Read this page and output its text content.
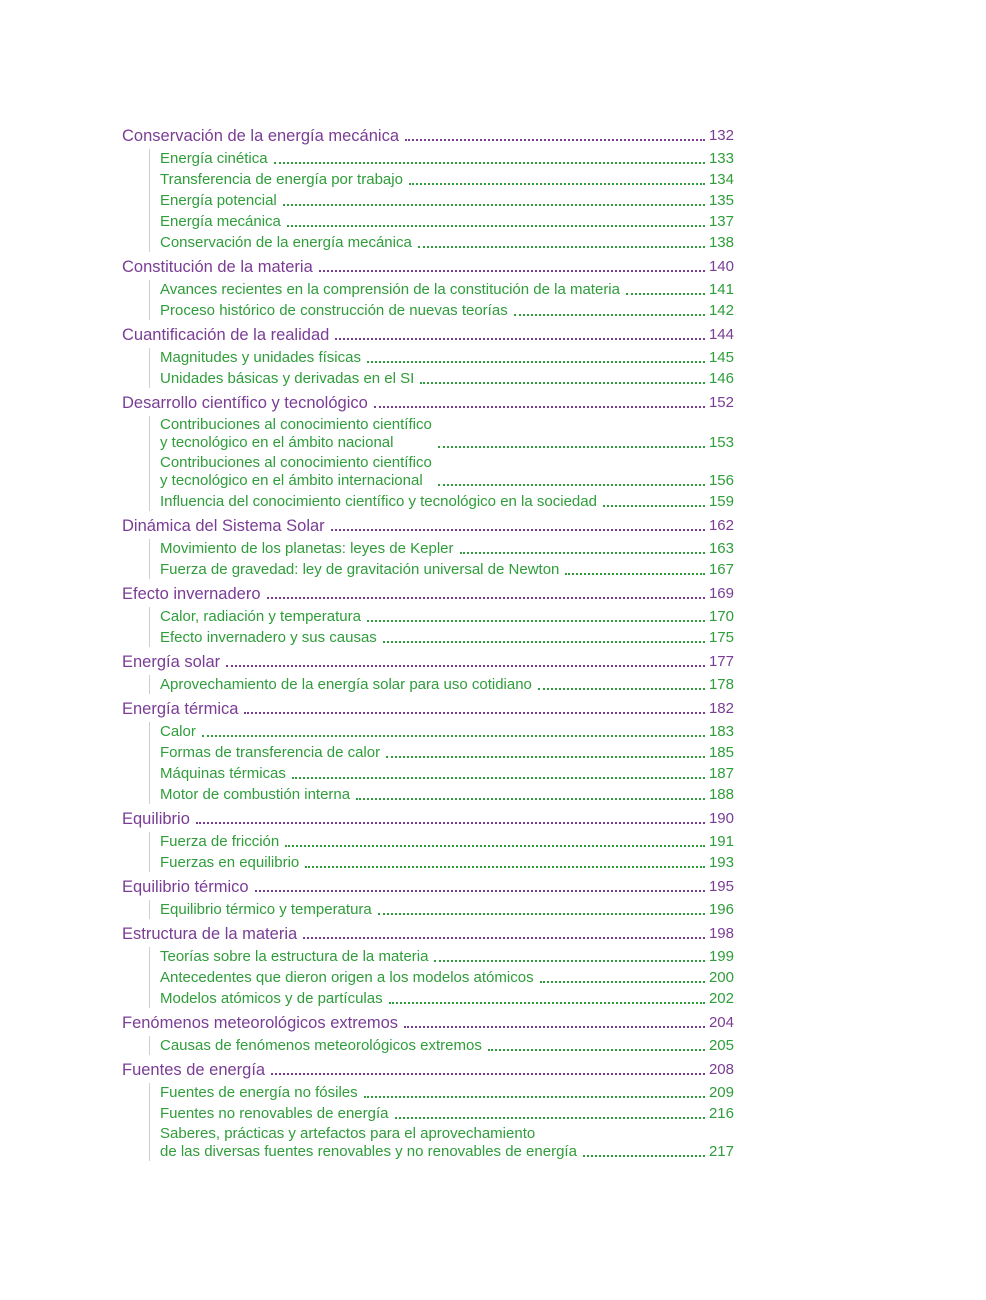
Conservación de la energía mecánica	132
Energía cinética	133
Transferencia de energía por trabajo	134
Energía potencial	135
Energía mecánica	137
Conservación de la energía mecánica	138
Constitución de la materia	140
Avances recientes en la comprensión de la constitución de la materia	141
Proceso histórico de construcción de nuevas teorías	142
Cuantificación de la realidad	144
Magnitudes y unidades físicas	145
Unidades básicas y derivadas en el SI	146
Desarrollo científico y tecnológico	152
Contribuciones al conocimiento científico
y tecnológico en el ámbito nacional	153
Contribuciones al conocimiento científico
y tecnológico en el ámbito internacional	156
Influencia del conocimiento científico y tecnológico en la sociedad	159
Dinámica del Sistema Solar	162
Movimiento de los planetas: leyes de Kepler	163
Fuerza de gravedad: ley de gravitación universal de Newton	167
Efecto invernadero	169
Calor, radiación y temperatura	170
Efecto invernadero y sus causas	175
Energía solar	177
Aprovechamiento de la energía solar para uso cotidiano	178
Energía térmica	182
Calor	183
Formas de transferencia de calor	185
Máquinas térmicas	187
Motor de combustión interna	188
Equilibrio	190
Fuerza de fricción	191
Fuerzas en equilibrio	193
Equilibrio térmico	195
Equilibrio térmico y temperatura	196
Estructura de la materia	198
Teorías sobre la estructura de la materia	199
Antecedentes que dieron origen a los modelos atómicos	200
Modelos atómicos y de partículas	202
Fenómenos meteorológicos extremos	204
Causas de fenómenos meteorológicos extremos	205
Fuentes de energía	208
Fuentes de energía no fósiles	209
Fuentes no renovables de energía	216
Saberes, prácticas y artefactos para el aprovechamiento
de las diversas fuentes renovables y no renovables de energía	217
